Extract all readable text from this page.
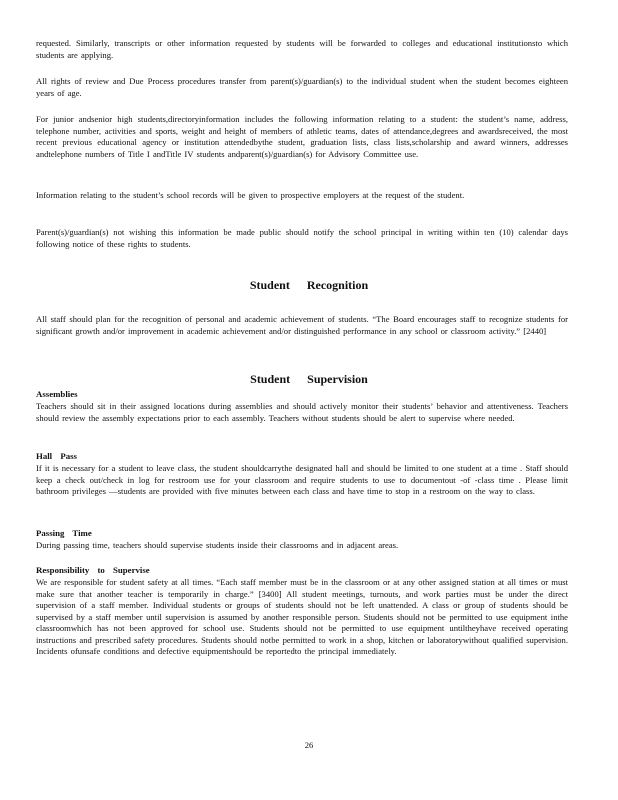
requested. Similarly, transcripts or other information requested by students will be forwarded to colleges and educational institutionsto which students are applying.

All rights of review and Due Process procedures transfer from parent(s)/guardian(s) to the individual student when the student becomes eighteen years of age.

For junior andsenior high students,directoryinformation includes the following information relating to a student: the student’s name, address, telephone number, activities and sports, weight and height of members of athletic teams, dates of attendance,degrees and awardsreceived, the most recent previous educational agency or institution attendedbythe student, graduation lists, class lists,scholarship and award winners, addresses andtelephone numbers of Title I andTitle IV students andparent(s)/guardian(s) for Advisory Committee use.

Information relating to the student’s school records will be given to prospective employers at the request of the student.

Parent(s)/guardian(s) not wishing this information be made public should notify the school principal in writing within ten (10) calendar days following notice of these rights to students.

Student Recognition

All staff should plan for the recognition of personal and academic achievement of students. “The Board encourages staff to recognize students for significant growth and/or improvement in academic achievement and/or distinguished performance in any school or classroom activity.” [2440]

Student Supervision
Assemblies

Teachers should sit in their assigned locations during assemblies and should actively monitor their students’ behavior and attentiveness. Teachers should review the assembly expectations prior to each assembly. Teachers without students should be alert to supervise where needed.

Hall Pass

If it is necessary for a student to leave class, the student shouldcarrythe designated hall and should be limited to one student at a time . Staff should keep a check out/check in log for restroom use for your classroom and require students to use to documentout -of -class time . Please limit bathroom privileges —students are provided with five minutes between each class and have time to stop in a restroom on the way to class.

Passing Time

During passing time, teachers should supervise students inside their classrooms and in adjacent areas.

Responsibility to Supervise

We are responsible for student safety at all times. “Each staff member must be in the classroom or at any other assigned station at all times or must make sure that another teacher is temporarily in charge.” [3400] All student meetings, turnouts, and work parties must be under the direct supervision of a staff member. Individual students or groups of students should not be left unattended. A class or group of students should be supervised by a staff member until supervision is assumed by another responsible person. Students should not be permitted to use equipment inthe classroomwhich has not been approved for school use. Students should not be permitted to use equipment untiltheyhave received operating instructions and prescribed safety procedures. Students should notbe permitted to work in a shop, kitchen or laboratorywithout qualified supervision. Incidents ofunsafe conditions and defective equipmentshould be reportedto the principal immediately.

26
